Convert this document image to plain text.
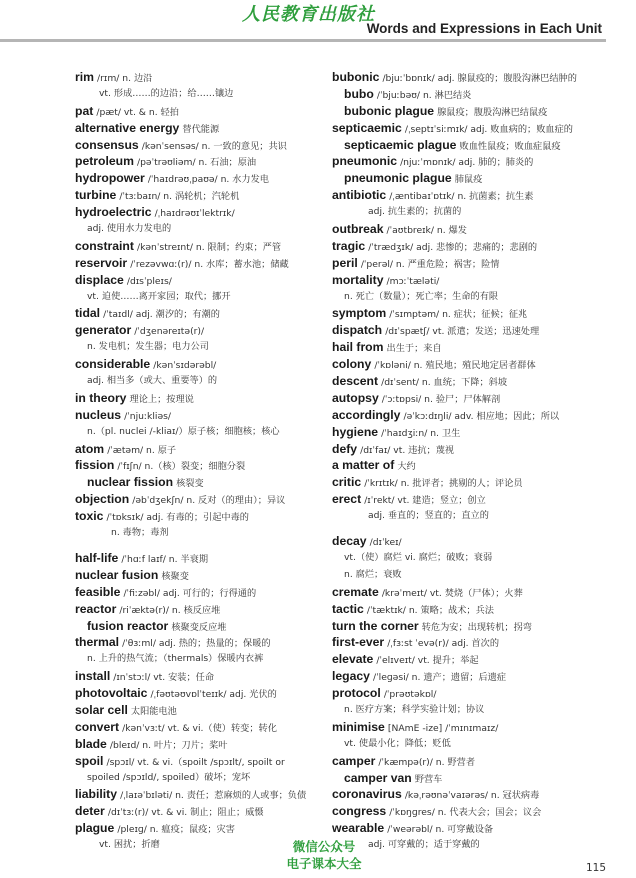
人民教育出版社
Words and Expressions in Each Unit
rim /rɪm/ n. 边沿
vt. 形成……的边沿；给……镶边
pat /pæt/ vt. & n. 轻拍
alternative energy 替代能源
consensus /kənˈsensəs/ n. 一致的意见；共识
petroleum /pəˈtrəʊliəm/ n. 石油；原油
hydropower /ˈhaɪdrəʊˌpaʊə/ n. 水力发电
turbine /ˈtɜːbaɪn/ n. 涡轮机；汽轮机
hydroelectric /ˌhaɪdrəʊɪˈlektrɪk/
adj. 使用水力发电的
constraint /kənˈstreɪnt/ n. 限制；约束；严管
reservoir /ˈrezəvwɑː(r)/ n. 水库；蓄水池；储藏
displace /dɪsˈpleɪs/
vt. 迫使……离开家园；取代；挪开
tidal /ˈtaɪdl/ adj. 潮汐的；有潮的
generator /ˈdʒenəreɪtə(r)/
n. 发电机；发生器；电力公司
considerable /kənˈsɪdərəbl/
adj. 相当多（或大、重要等）的
in theory 理论上；按理说
nucleus /ˈnjuːkliəs/
n.（pl. nuclei /-kliaɪ/）原子核；细胞核；核心
atom /ˈætəm/ n. 原子
fission /ˈfɪʃn/ n.（核）裂变；细胞分裂
nuclear fission 核裂变
objection /əbˈdʒekʃn/ n. 反对（的理由）；异议
toxic /ˈtɒksɪk/ adj. 有毒的；引起中毒的
n. 毒物；毒剂
half-life /ˈhɑːf laɪf/ n. 半衰期
nuclear fusion 核聚变
feasible /ˈfiːzəbl/ adj. 可行的；行得通的
reactor /riˈæktə(r)/ n. 核反应堆
fusion reactor 核聚变反应堆
thermal /ˈθɜːml/ adj. 热的；热量的；保暖的
n. 上升的热气流；（thermals）保暖内衣裤
install /ɪnˈstɔːl/ vt. 安装；任命
photovoltaic /ˌfəʊtəʊvɒlˈteɪɪk/ adj. 光伏的
solar cell 太阳能电池
convert /kənˈvɜːt/ vt. & vi.（使）转变；转化
blade /bleɪd/ n. 叶片；刀片；桨叶
spoil /spɔɪl/ vt. & vi.（spoilt /spɔɪlt/, spoilt or
spoiled /spɔɪld/, spoiled）破坏；宠坏
liability /ˌlaɪəˈbɪləti/ n. 责任；惹麻烦的人或事；负债
deter /dɪˈtɜː(r)/ vt. & vi. 制止；阻止；威慑
plague /pleɪɡ/ n. 瘟疫；鼠疫；灾害
vt. 困扰；折磨
bubonic /bjuːˈbɒnɪk/ adj. 腺鼠疫的；腹股沟淋巴结肿的
bubo /ˈbjuːbəʊ/ n. 淋巴结炎
bubonic plague 腺鼠疫；腹股沟淋巴结鼠疫
septicaemic /ˌseptɪˈsiːmɪk/ adj. 败血病的；败血症的
septicaemic plague 败血性鼠疫；败血症鼠疫
pneumonic /njuːˈmɒnɪk/ adj. 肺的；肺炎的
pneumonic plague 肺鼠疫
antibiotic /ˌæntibaɪˈɒtɪk/ n. 抗菌素；抗生素
adj. 抗生素的；抗菌的
outbreak /ˈaʊtbreɪk/ n. 爆发
tragic /ˈtrædʒɪk/ adj. 悲惨的；悲痛的；悲剧的
peril /ˈperəl/ n. 严重危险；祸害；险情
mortality /mɔːˈtæləti/
n. 死亡（数量）；死亡率；生命的有限
symptom /ˈsɪmptəm/ n. 症状；征候；征兆
dispatch /dɪˈspætʃ/ vt. 派遣；发送；迅速处理
hail from 出生于；来自
colony /ˈkɒləni/ n. 殖民地；殖民地定居者群体
descent /dɪˈsent/ n. 血统；下降；斜坡
autopsy /ˈɔːtɒpsi/ n. 验尸；尸体解剖
accordingly /əˈkɔːdɪŋli/ adv. 相应地；因此；所以
hygiene /ˈhaɪdʒiːn/ n. 卫生
defy /dɪˈfaɪ/ vt. 违抗；蔑视
a matter of 大约
critic /ˈkrɪtɪk/ n. 批评者；挑剔的人；评论员
erect /ɪˈrekt/ vt. 建造；竖立；创立
adj. 垂直的；竖直的；直立的
decay /dɪˈkeɪ/
vt.（使）腐烂 vi. 腐烂；破败；衰弱
n. 腐烂；衰败
cremate /krəˈmeɪt/ vt. 焚烧（尸体）；火葬
tactic /ˈtæktɪk/ n. 策略；战术；兵法
turn the corner 转危为安；出现转机；拐弯
first-ever /ˌfɜːst ˈevə(r)/ adj. 首次的
elevate /ˈelɪveɪt/ vt. 提升；举起
legacy /ˈleɡəsi/ n. 遗产；遗留；后遗症
protocol /ˈprəʊtəkɒl/
n. 医疗方案；科学实验计划；协议
minimise [NAmE -ize] /ˈmɪnɪmaɪz/
vt. 使最小化；降低；贬低
camper /ˈkæmpə(r)/ n. 野营者
camper van 野营车
coronavirus /kəˌrəʊnəˈvaɪərəs/ n. 冠状病毒
congress /ˈkɒŋɡres/ n. 代表大会；国会；议会
wearable /ˈweərəbl/ n. 可穿戴设备
adj. 可穿戴的；适于穿戴的
微信公众号
电子课本大全	115
